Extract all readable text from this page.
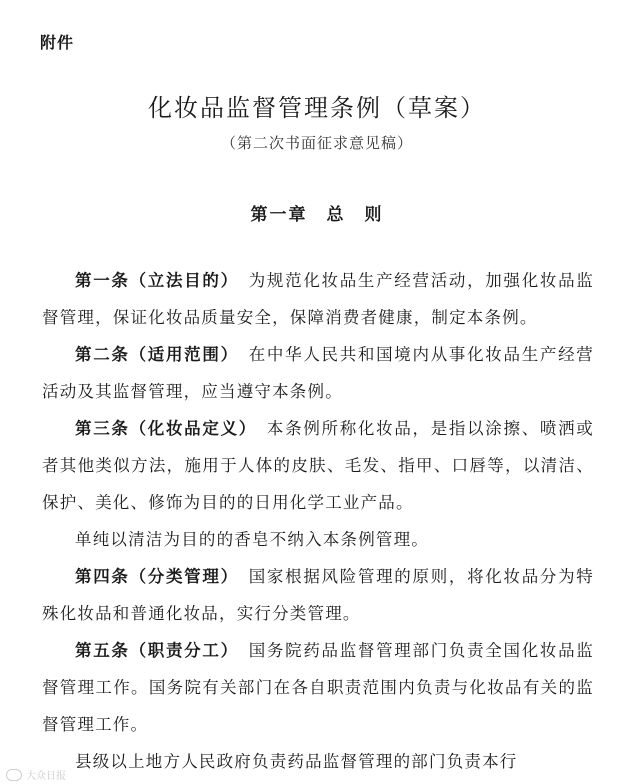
附件
化妆品监督管理条例（草案）
（第二次书面征求意见稿）
第一章　总　则

第一条（立法目的）　为规范化妆品生产经营活动，加强化妆品监督管理，保证化妆品质量安全，保障消费者健康，制定本条例。

第二条（适用范围）　在中华人民共和国境内从事化妆品生产经营活动及其监督管理，应当遵守本条例。

第三条（化妆品定义）　本条例所称化妆品，是指以涂擦、喷洒或者其他类似方法，施用于人体的皮肤、毛发、指甲、口唇等，以清洁、保护、美化、修饰为目的的日用化学工业产品。

单纯以清洁为目的的香皂不纳入本条例管理。

第四条（分类管理）　国家根据风险管理的原则，将化妆品分为特殊化妆品和普通化妆品，实行分类管理。

第五条（职责分工）　国务院药品监督管理部门负责全国化妆品监督管理工作。国务院有关部门在各自职责范围内负责与化妆品有关的监督管理工作。

县级以上地方人民政府负责药品监督管理的部门负责本行

大众日报
